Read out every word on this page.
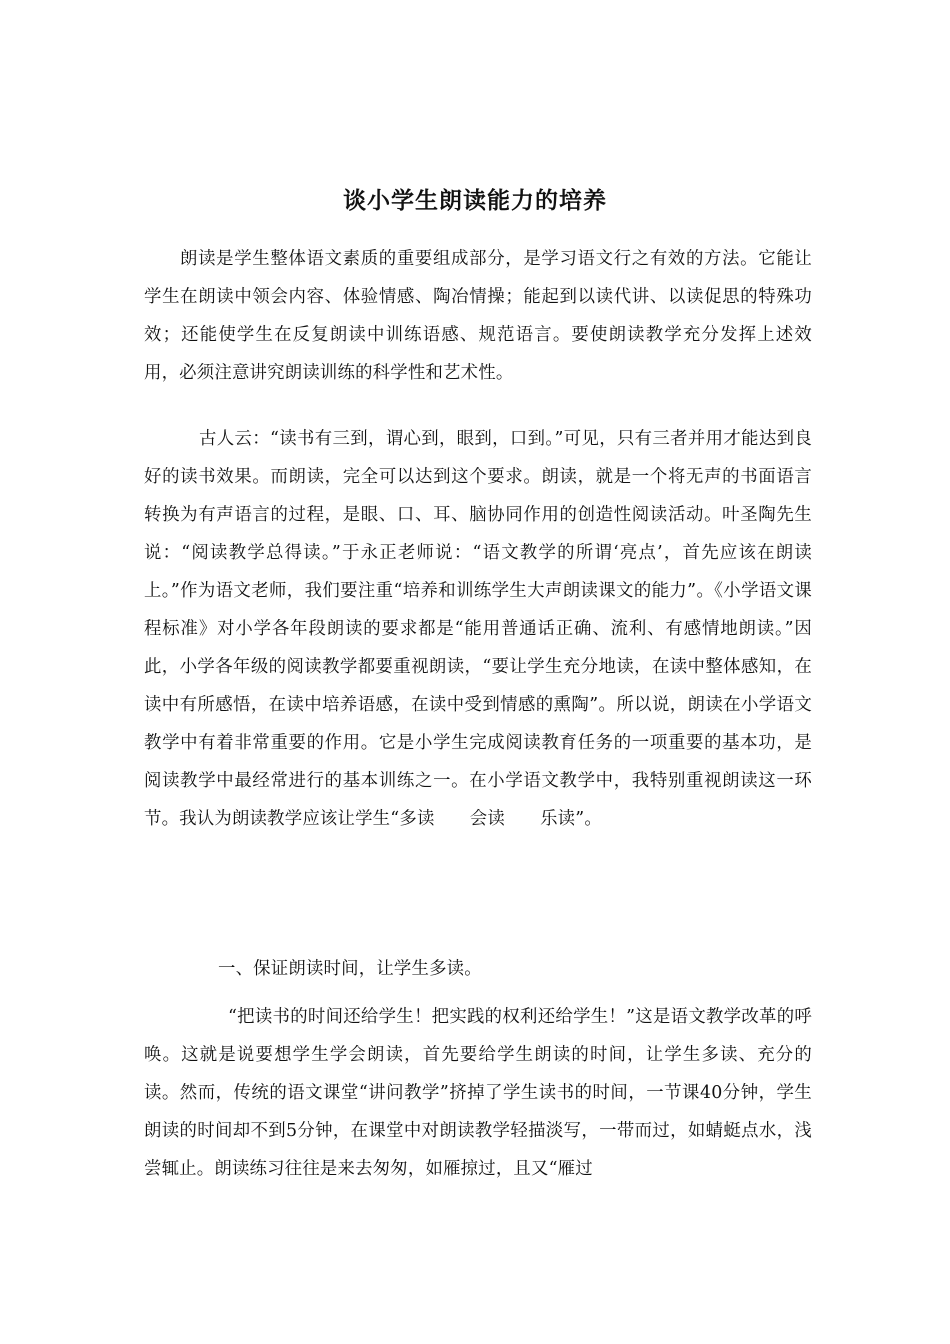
谈小学生朗读能力的培养

朗读是学生整体语文素质的重要组成部分，是学习语文行之有效的方法。它能让学生在朗读中领会内容、体验情感、陶冶情操；能起到以读代讲、以读促思的特殊功效；还能使学生在反复朗读中训练语感、规范语言。要使朗读教学充分发挥上述效用，必须注意讲究朗读训练的科学性和艺术性。

古人云：“读书有三到，谓心到，眼到，口到。”可见，只有三者并用才能达到良好的读书效果。而朗读，完全可以达到这个要求。朗读，就是一个将无声的书面语言转换为有声语言的过程，是眼、口、耳、脑协同作用的创造性阅读活动。叶圣陶先生说：“阅读教学总得读。”于永正老师说：“语文教学的所谓‘亮点’，首先应该在朗读上。”作为语文老师，我们要注重“培养和训练学生大声朗读课文的能力”。《小学语文课程标准》对小学各年段朗读的要求都是“能用普通话正确、流利、有感情地朗读。”因此，小学各年级的阅读教学都要重视朗读，“要让学生充分地读，在读中整体感知，在读中有所感悟，在读中培养语感，在读中受到情感的熏陶”。所以说，朗读在小学语文教学中有着非常重要的作用。它是小学生完成阅读教育任务的一项重要的基本功，是阅读教学中最经常进行的基本训练之一。在小学语文教学中，我特别重视朗读这一环节。我认为朗读教学应该让学生“多读　　会读　　乐读”。

一、保证朗读时间，让学生多读。

“把读书的时间还给学生！把实践的权利还给学生！”这是语文教学改革的呼唤。这就是说要想学生学会朗读，首先要给学生朗读的时间，让学生多读、充分的读。然而，传统的语文课堂“讲问教学”挤掉了学生读书的时间，一节课40分钟，学生朗读的时间却不到5分钟，在课堂中对朗读教学轻描淡写，一带而过，如蜻蜓点水，浅尝辄止。朗读练习往往是来去匆匆，如雁掠过，且又“雁过
